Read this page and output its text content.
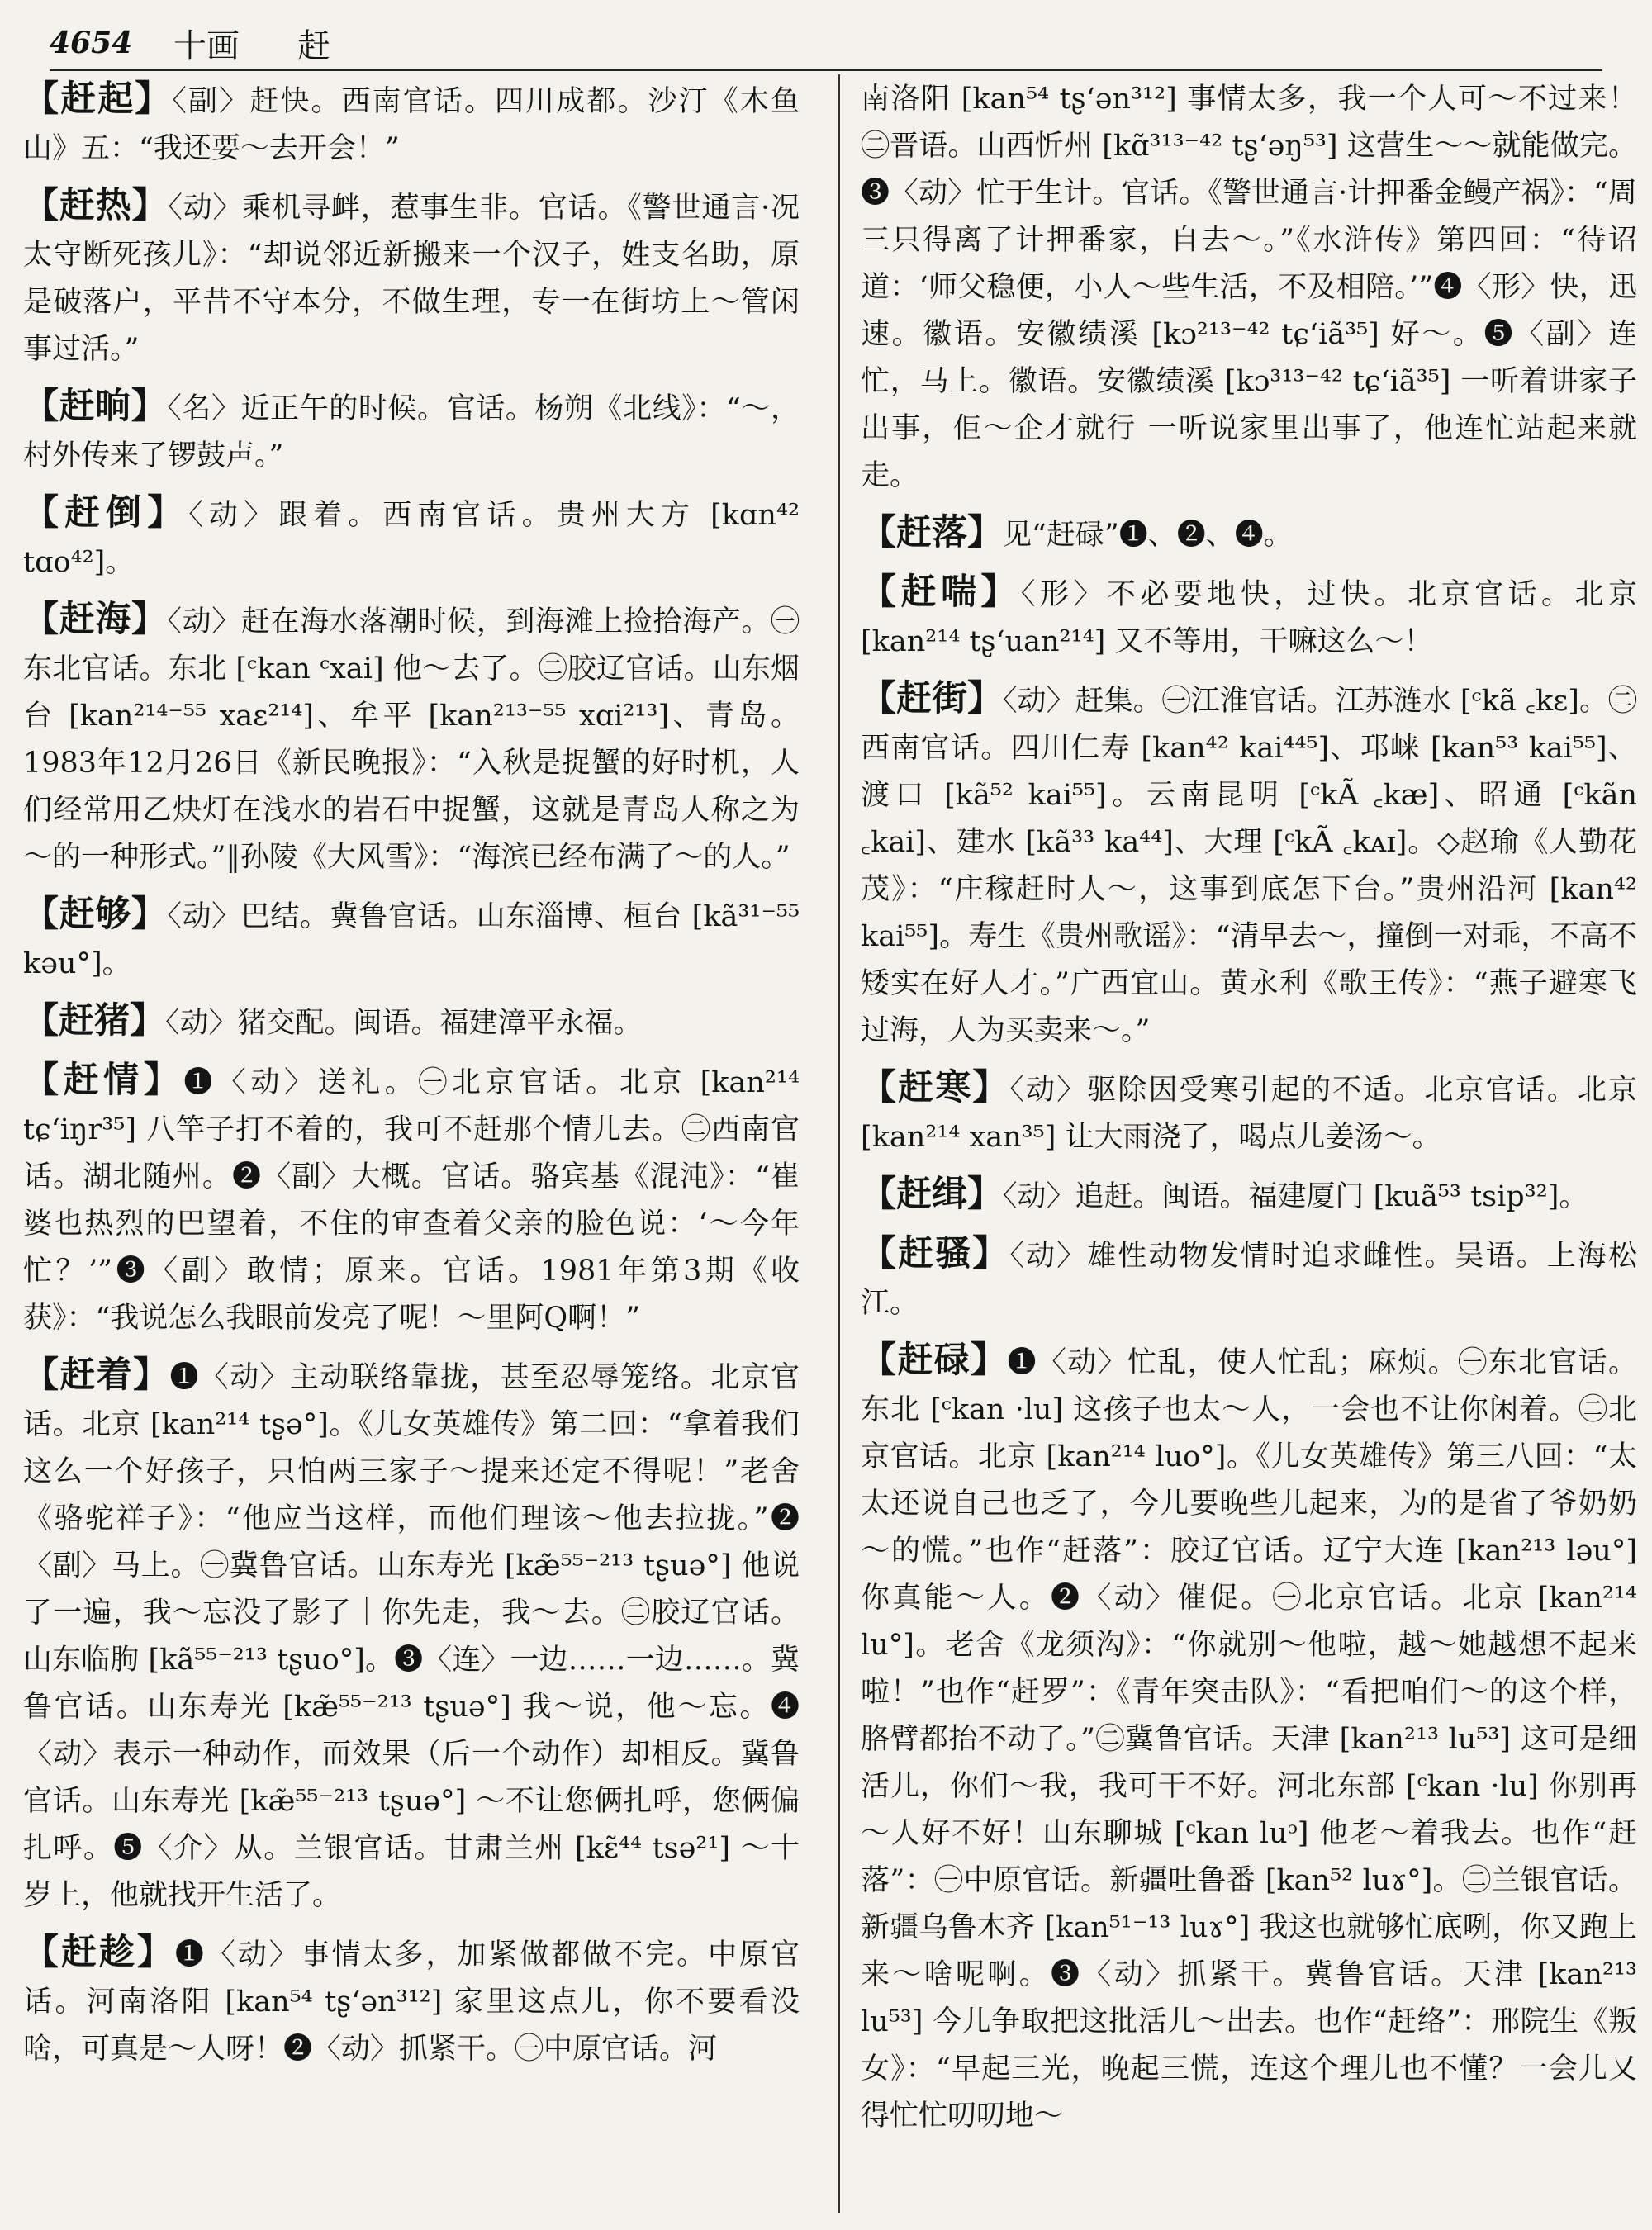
4654	十画	赶

【赶起】〈副〉赶快。西南官话。四川成都。沙汀《木鱼山》五：“我还要～去开会！”

【赶热】〈动〉乘机寻衅，惹事生非。官话。《警世通言·况太守断死孩儿》：“却说邻近新搬来一个汉子，姓支名助，原是破落户，平昔不守本分，不做生理，专一在街坊上～管闲事过活。”

【赶晌】〈名〉近正午的时候。官话。杨朔《北线》：“～，村外传来了锣鼓声。”

【赶倒】〈动〉跟着。西南官话。贵州大方 [kɑn⁴² tɑo⁴²]。

【赶海】〈动〉赶在海水落潮时候，到海滩上捡拾海产。㊀东北官话。东北 [ᶜkan ᶜxai] 他～去了。㊁胶辽官话。山东烟台 [kan²¹⁴⁻⁵⁵ xaɛ²¹⁴]、牟平 [kan²¹³⁻⁵⁵ xɑi²¹³]、青岛。1983年12月26日《新民晚报》：“入秋是捉蟹的好时机，人们经常用乙炔灯在浅水的岩石中捉蟹，这就是青岛人称之为～的一种形式。”‖孙陵《大风雪》：“海滨已经布满了～的人。”

【赶够】〈动〉巴结。冀鲁官话。山东淄博、桓台 [kã³¹⁻⁵⁵ kəu°]。

【赶猪】〈动〉猪交配。闽语。福建漳平永福。

【赶情】❶〈动〉送礼。㊀北京官话。北京 [kan²¹⁴ tɕʻiŋr³⁵] 八竿子打不着的，我可不赶那个情儿去。㊁西南官话。湖北随州。❷〈副〉大概。官话。骆宾基《混沌》：“崔婆也热烈的巴望着，不住的审查着父亲的脸色说：‘～今年忙？’”❸〈副〉敢情；原来。官话。1981年第3期《收获》：“我说怎么我眼前发亮了呢！～里阿Q啊！”

【赶着】❶〈动〉主动联络靠拢，甚至忍辱笼络。北京官话。北京 [kan²¹⁴ tʂə°]。《儿女英雄传》第二回：“拿着我们这么一个好孩子，只怕两三家子～提来还定不得呢！”老舍《骆驼祥子》：“他应当这样，而他们理该～他去拉拢。”❷〈副〉马上。㊀冀鲁官话。山东寿光 [kæ̃⁵⁵⁻²¹³ tʂuə°] 他说了一遍，我～忘没了影了｜你先走，我～去。㊁胶辽官话。山东临朐 [kã⁵⁵⁻²¹³ tʂuo°]。❸〈连〉一边……一边……。冀鲁官话。山东寿光 [kæ̃⁵⁵⁻²¹³ tʂuə°] 我～说，他～忘。❹〈动〉表示一种动作，而效果（后一个动作）却相反。冀鲁官话。山东寿光 [kæ̃⁵⁵⁻²¹³ tʂuə°] ～不让您俩扎呼，您俩偏扎呼。❺〈介〉从。兰银官话。甘肃兰州 [kɛ̃⁴⁴ tsə²¹] ～十岁上，他就找开生活了。

【赶趁】❶〈动〉事情太多，加紧做都做不完。中原官话。河南洛阳 [kan⁵⁴ tʂʻən³¹²] 家里这点儿，你不要看没啥，可真是～人呀！❷〈动〉抓紧干。㊀中原官话。河

南洛阳 [kan⁵⁴ tʂʻən³¹²] 事情太多，我一个人可～不过来！㊁晋语。山西忻州 [kɑ̃³¹³⁻⁴² tʂʻəŋ⁵³] 这营生～～就能做完。❸〈动〉忙于生计。官话。《警世通言·计押番金鳗产祸》：“周三只得离了计押番家，自去～。”《水浒传》第四回：“待诏道：‘师父稳便，小人～些生活，不及相陪。’”❹〈形〉快，迅速。徽语。安徽绩溪 [kɔ²¹³⁻⁴² tɕʻiã³⁵] 好～。❺〈副〉连忙，马上。徽语。安徽绩溪 [kɔ³¹³⁻⁴² tɕʻiã³⁵] 一听着讲家子出事，佢～企才就行 一听说家里出事了，他连忙站起来就走。

【赶落】见“赶碌”❶、❷、❹。

【赶喘】〈形〉不必要地快，过快。北京官话。北京 [kan²¹⁴ tʂʻuan²¹⁴] 又不等用，干嘛这么～！

【赶街】〈动〉赶集。㊀江淮官话。江苏涟水 [ᶜkã ꜀kɛ]。㊁西南官话。四川仁寿 [kan⁴² kai⁴⁴⁵]、邛崃 [kan⁵³ kai⁵⁵]、渡口 [kã⁵² kai⁵⁵]。云南昆明 [ᶜkÃ ꜀kæ]、昭通 [ᶜkãn ꜀kai]、建水 [kã³³ ka⁴⁴]、大理 [ᶜkÃ ꜀kᴀɪ]。◇赵瑜《人勤花茂》：“庄稼赶时人～，这事到底怎下台。”贵州沿河 [kan⁴² kai⁵⁵]。寿生《贵州歌谣》：“清早去～，撞倒一对乖，不高不矮实在好人才。”广西宜山。黄永利《歌王传》：“燕子避寒飞过海，人为买卖来～。”

【赶寒】〈动〉驱除因受寒引起的不适。北京官话。北京 [kan²¹⁴ xan³⁵] 让大雨浇了，喝点儿姜汤～。

【赶缉】〈动〉追赶。闽语。福建厦门 [kuã⁵³ tsip³²]。

【赶骚】〈动〉雄性动物发情时追求雌性。吴语。上海松江。

【赶碌】❶〈动〉忙乱，使人忙乱；麻烦。㊀东北官话。东北 [ᶜkan ·lu] 这孩子也太～人，一会也不让你闲着。㊁北京官话。北京 [kan²¹⁴ luo°]。《儿女英雄传》第三八回：“太太还说自己也乏了，今儿要晚些儿起来，为的是省了爷奶奶～的慌。”也作“赶落”：胶辽官话。辽宁大连 [kan²¹³ ləu°] 你真能～人。❷〈动〉催促。㊀北京官话。北京 [kan²¹⁴ lu°]。老舍《龙须沟》：“你就别～他啦，越～她越想不起来啦！”也作“赶罗”：《青年突击队》：“看把咱们～的这个样，胳臂都抬不动了。”㊁冀鲁官话。天津 [kan²¹³ lu⁵³] 这可是细活儿，你们～我，我可干不好。河北东部 [ᶜkan ·lu] 你别再～人好不好！山东聊城 [ᶜkan luᵓ] 他老～着我去。也作“赶落”：㊀中原官话。新疆吐鲁番 [kan⁵² luɤ°]。㊁兰银官话。新疆乌鲁木齐 [kan⁵¹⁻¹³ luɤ°] 我这也就够忙底咧，你又跑上来～啥呢啊。❸〈动〉抓紧干。冀鲁官话。天津 [kan²¹³ lu⁵³] 今儿争取把这批活儿～出去。也作“赶络”：邢院生《叛女》：“早起三光，晚起三慌，连这个理儿也不懂？一会儿又得忙忙叨叨地～
